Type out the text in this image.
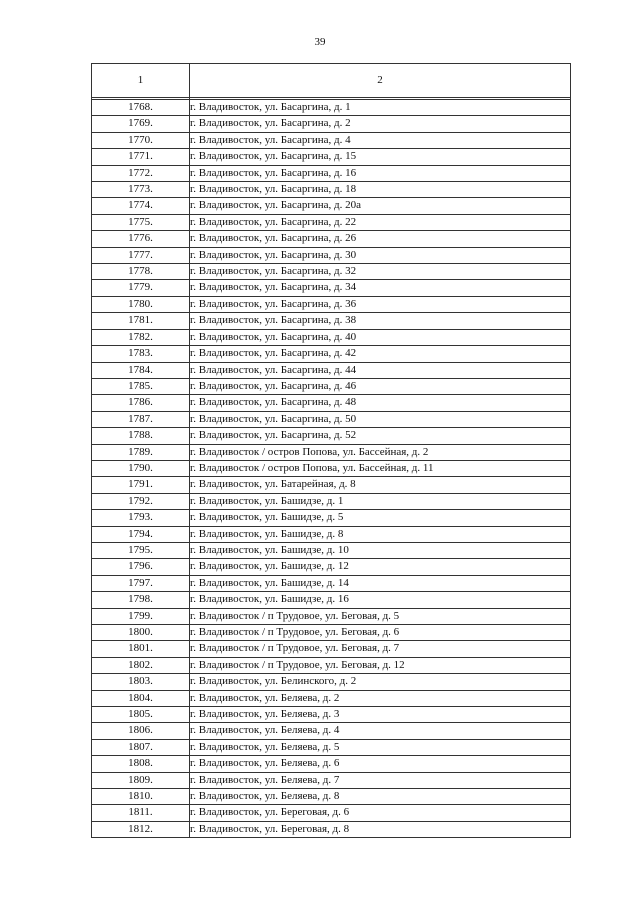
39
1	2

1768.	г. Владивосток, ул. Басаргина, д. 1
1769.	г. Владивосток, ул. Басаргина, д. 2
1770.	г. Владивосток, ул. Басаргина, д. 4
1771.	г. Владивосток, ул. Басаргина, д. 15
1772.	г. Владивосток, ул. Басаргина, д. 16
1773.	г. Владивосток, ул. Басаргина, д. 18
1774.	г. Владивосток, ул. Басаргина, д. 20а
1775.	г. Владивосток, ул. Басаргина, д. 22
1776.	г. Владивосток, ул. Басаргина, д. 26
1777.	г. Владивосток, ул. Басаргина, д. 30
1778.	г. Владивосток, ул. Басаргина, д. 32
1779.	г. Владивосток, ул. Басаргина, д. 34
1780.	г. Владивосток, ул. Басаргина, д. 36
1781.	г. Владивосток, ул. Басаргина, д. 38
1782.	г. Владивосток, ул. Басаргина, д. 40
1783.	г. Владивосток, ул. Басаргина, д. 42
1784.	г. Владивосток, ул. Басаргина, д. 44
1785.	г. Владивосток, ул. Басаргина, д. 46
1786.	г. Владивосток, ул. Басаргина, д. 48
1787.	г. Владивосток, ул. Басаргина, д. 50
1788.	г. Владивосток, ул. Басаргина, д. 52
1789.	г. Владивосток / остров Попова, ул. Бассейная, д. 2
1790.	г. Владивосток / остров Попова, ул. Бассейная, д. 11
1791.	г. Владивосток, ул. Батарейная, д. 8
1792.	г. Владивосток, ул. Башидзе, д. 1
1793.	г. Владивосток, ул. Башидзе, д. 5
1794.	г. Владивосток, ул. Башидзе, д. 8
1795.	г. Владивосток, ул. Башидзе, д. 10
1796.	г. Владивосток, ул. Башидзе, д. 12
1797.	г. Владивосток, ул. Башидзе, д. 14
1798.	г. Владивосток, ул. Башидзе, д. 16
1799.	г. Владивосток / п Трудовое, ул. Беговая, д. 5
1800.	г. Владивосток / п Трудовое, ул. Беговая, д. 6
1801.	г. Владивосток / п Трудовое, ул. Беговая, д. 7
1802.	г. Владивосток / п Трудовое, ул. Беговая, д. 12
1803.	г. Владивосток, ул. Белинского, д. 2
1804.	г. Владивосток, ул. Беляева, д. 2
1805.	г. Владивосток, ул. Беляева, д. 3
1806.	г. Владивосток, ул. Беляева, д. 4
1807.	г. Владивосток, ул. Беляева, д. 5
1808.	г. Владивосток, ул. Беляева, д. 6
1809.	г. Владивосток, ул. Беляева, д. 7
1810.	г. Владивосток, ул. Беляева, д. 8
1811.	г. Владивосток, ул. Береговая, д. 6
1812.	г. Владивосток, ул. Береговая, д. 8
